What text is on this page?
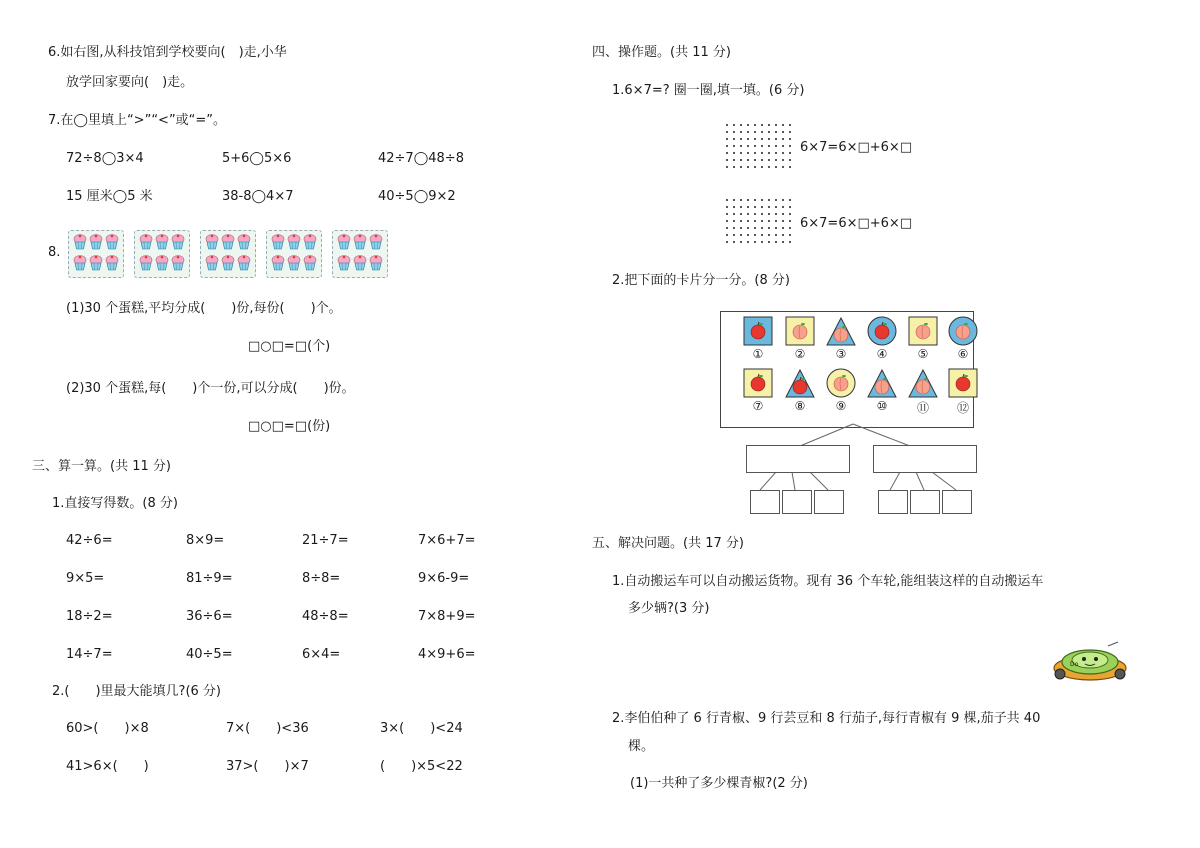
6.如右图,从科技馆到学校要向(　)走,小华
放学回家要向(　)走。
7.在◯里填上“>”“<”或“=”。
72÷8◯3×4	5+6◯5×6	42÷7◯48÷8
15 厘米◯5 米	38-8◯4×7	40÷5◯9×2
8.
(1)30 个蛋糕,平均分成(　　)份,每份(　　)个。
□○□=□(个)
(2)30 个蛋糕,每(　　)个一份,可以分成(　　)份。
□○□=□(份)
三、算一算。(共 11 分)
1.直接写得数。(8 分)
42÷6=	8×9=	21÷7=	7×6+7=
9×5=	81÷9=	8÷8=	9×6-9=
18÷2=	36÷6=	48÷8=	7×8+9=
14÷7=	40÷5=	6×4=	4×9+6=
2.(　　)里最大能填几?(6 分)
60>(　　)×8	7×(　　)<36	3×(　　)<24
41>6×(　　)	37>(　　)×7	(　　)×5<22
四、操作题。(共 11 分)
1.6×7=? 圈一圈,填一填。(6 分)
6×7=6×□+6×□
6×7=6×□+6×□
2.把下面的卡片分一分。(8 分)
①	②	③	④	⑤	⑥
⑦	⑧	⑨	⑩	⑪	⑫
五、解决问题。(共 17 分)
1.自动搬运车可以自动搬运货物。现有 36 个车轮,能组装这样的自动搬运车
多少辆?(3 分)
Do
2.李伯伯种了 6 行青椒、9 行芸豆和 8 行茄子,每行青椒有 9 棵,茄子共 40
棵。
(1)一共种了多少棵青椒?(2 分)
